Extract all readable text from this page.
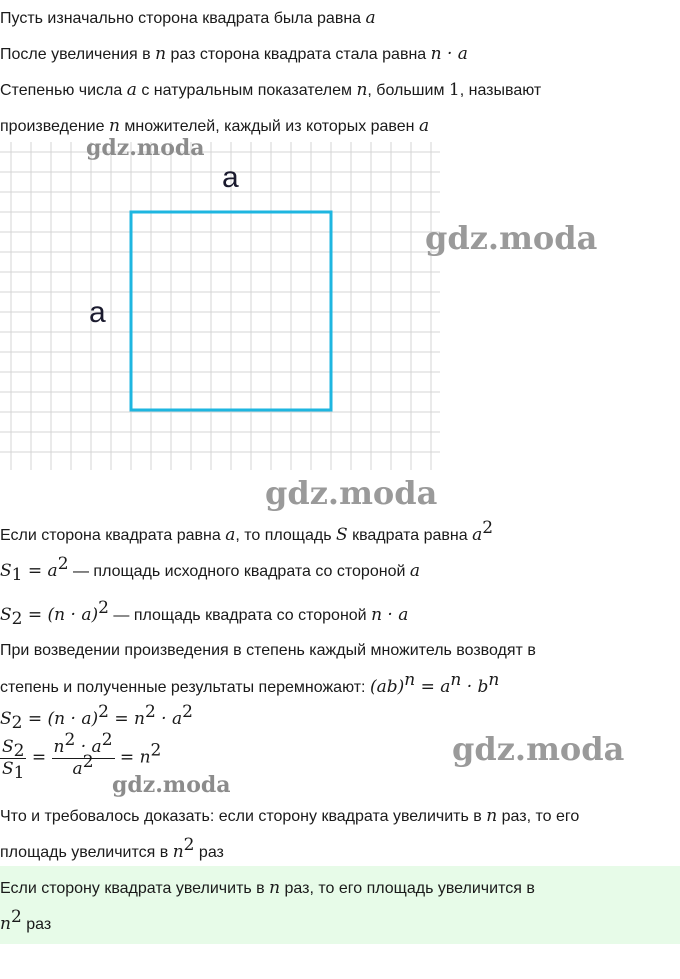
Пусть изначально сторона квадрата была равна a
После увеличения в n раз сторона квадрата стала равна n · a
Степенью числа a с натуральным показателем n, большим 1, называют
произведение n множителей, каждый из которых равен a
a
a
gdz.moda
gdz.moda
gdz.moda
gdz.moda
gdz.moda
Если сторона квадрата равна a, то площадь S квадрата равна $a^2$
$S_1 = a^2$ — площадь исходного квадрата со стороной a
$S_2 = (n \cdot a)^2$ — площадь квадрата со стороной n · a
При возведении произведения в степень каждый множитель возводят в
степень и полученные результаты перемножают: $(ab)^n = a^n \cdot b^n$
$S_2 = (n \cdot a)^2 = n^2 \cdot a^2$
$\frac{S_2}{S_1} = \frac{n^2 \cdot a^2}{a^2} = n^2$
Что и требовалось доказать: если сторону квадрата увеличить в n раз, то его
площадь увеличится в $n^2$ раз
Если сторону квадрата увеличить в n раз, то его площадь увеличится в
$n^2$ раз
